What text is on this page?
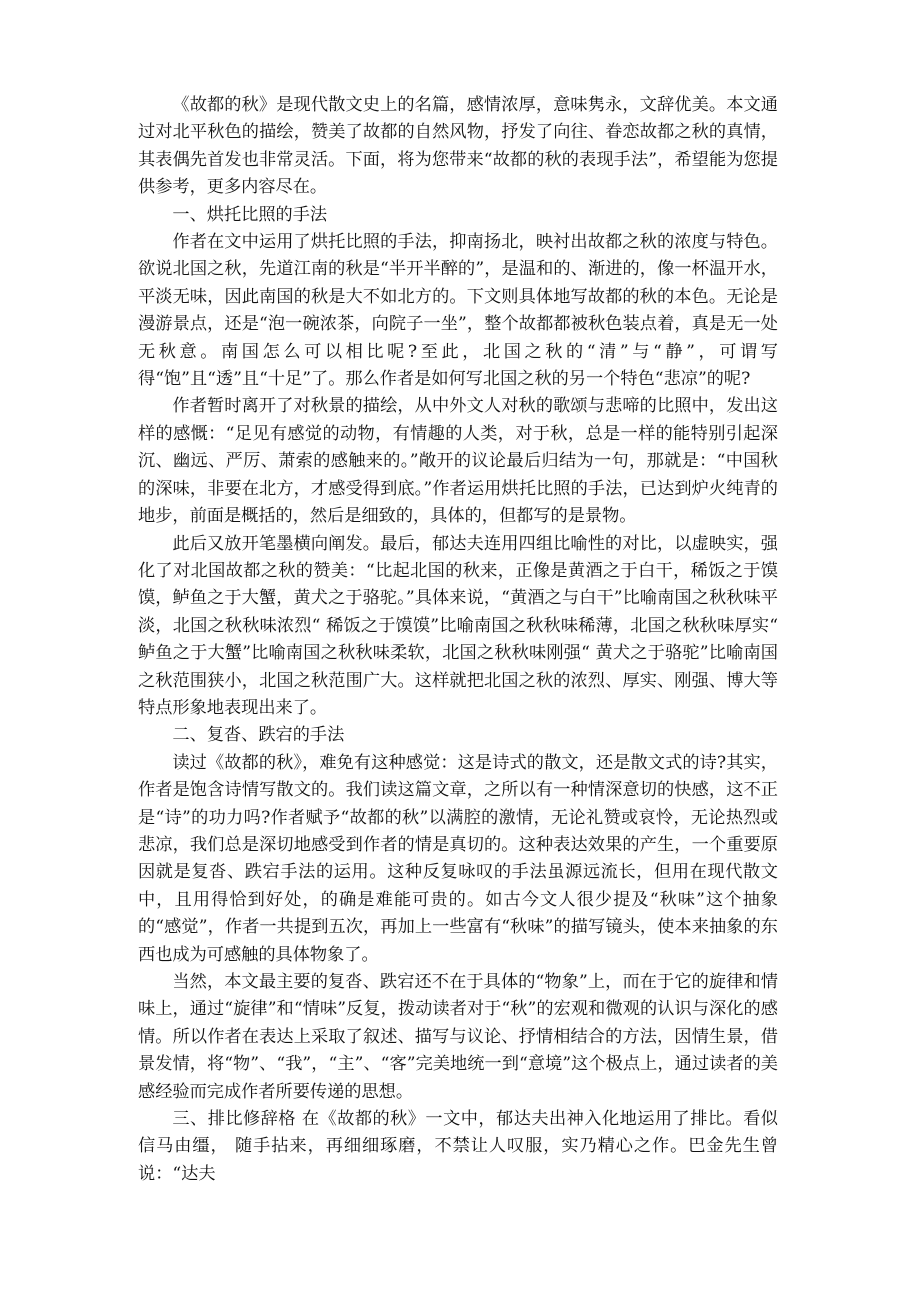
《故都的秋》是现代散文史上的名篇，感情浓厚，意味隽永，文辞优美。本文通过对北平秋色的描绘，赞美了故都的自然风物，抒发了向往、眷恋故都之秋的真情，其表偶先首发也非常灵活。下面，将为您带来“故都的秋的表现手法”，希望能为您提供参考，更多内容尽在。

一、烘托比照的手法

作者在文中运用了烘托比照的手法，抑南扬北，映衬出故都之秋的浓度与特色。欲说北国之秋，先道江南的秋是“半开半醉的”，是温和的、渐进的，像一杯温开水，平淡无味，因此南国的秋是大不如北方的。下文则具体地写故都的秋的本色。无论是漫游景点，还是“泡一碗浓茶，向院子一坐”，整个故都都被秋色装点着，真是无一处无秋意。南国怎么可以相比呢?至此，北国之秋的“清”与“静”，可谓写得“饱”且“透”且“十足”了。那么作者是如何写北国之秋的另一个特色“悲凉”的呢?

作者暂时离开了对秋景的描绘，从中外文人对秋的歌颂与悲啼的比照中，发出这样的感慨：“足见有感觉的动物，有情趣的人类，对于秋，总是一样的能特别引起深沉、幽远、严厉、萧索的感触来的。”敞开的议论最后归结为一句，那就是：“中国秋的深味，非要在北方，才感受得到底。”作者运用烘托比照的手法，已达到炉火纯青的地步，前面是概括的，然后是细致的，具体的，但都写的是景物。

此后又放开笔墨横向阐发。最后，郁达夫连用四组比喻性的对比，以虚映实，强化了对北国故都之秋的赞美：“比起北国的秋来，正像是黄酒之于白干，稀饭之于馍馍，鲈鱼之于大蟹，黄犬之于骆驼。”具体来说，“黄酒之与白干”比喻南国之秋秋味平淡，北国之秋秋味浓烈“ 稀饭之于馍馍”比喻南国之秋秋味稀薄，北国之秋秋味厚实“ 鲈鱼之于大蟹”比喻南国之秋秋味柔软，北国之秋秋味刚强“ 黄犬之于骆驼”比喻南国之秋范围狭小，北国之秋范围广大。这样就把北国之秋的浓烈、厚实、刚强、博大等特点形象地表现出来了。

二、复沓、跌宕的手法

读过《故都的秋》，难免有这种感觉：这是诗式的散文，还是散文式的诗?其实，作者是饱含诗情写散文的。我们读这篇文章，之所以有一种情深意切的快感，这不正是“诗”的功力吗?作者赋予“故都的秋”以满腔的激情，无论礼赞或哀怜，无论热烈或悲凉，我们总是深切地感受到作者的情是真切的。这种表达效果的产生，一个重要原因就是复沓、跌宕手法的运用。这种反复咏叹的手法虽源远流长，但用在现代散文中，且用得恰到好处，的确是难能可贵的。如古今文人很少提及“秋味”这个抽象的“感觉”，作者一共提到五次，再加上一些富有“秋味”的描写镜头，使本来抽象的东西也成为可感触的具体物象了。

当然，本文最主要的复沓、跌宕还不在于具体的“物象”上，而在于它的旋律和情味上，通过“旋律”和“情味”反复，拨动读者对于“秋”的宏观和微观的认识与深化的感情。所以作者在表达上采取了叙述、描写与议论、抒情相结合的方法，因情生景，借景发情，将“物”、“我”，“主”、“客”完美地统一到“意境”这个极点上，通过读者的美感经验而完成作者所要传递的思想。

三、排比修辞格 在《故都的秋》一文中，郁达夫出神入化地运用了排比。看似信马由缰， 随手拈来，再细细琢磨，不禁让人叹服，实乃精心之作。巴金先生曾说：“达夫
